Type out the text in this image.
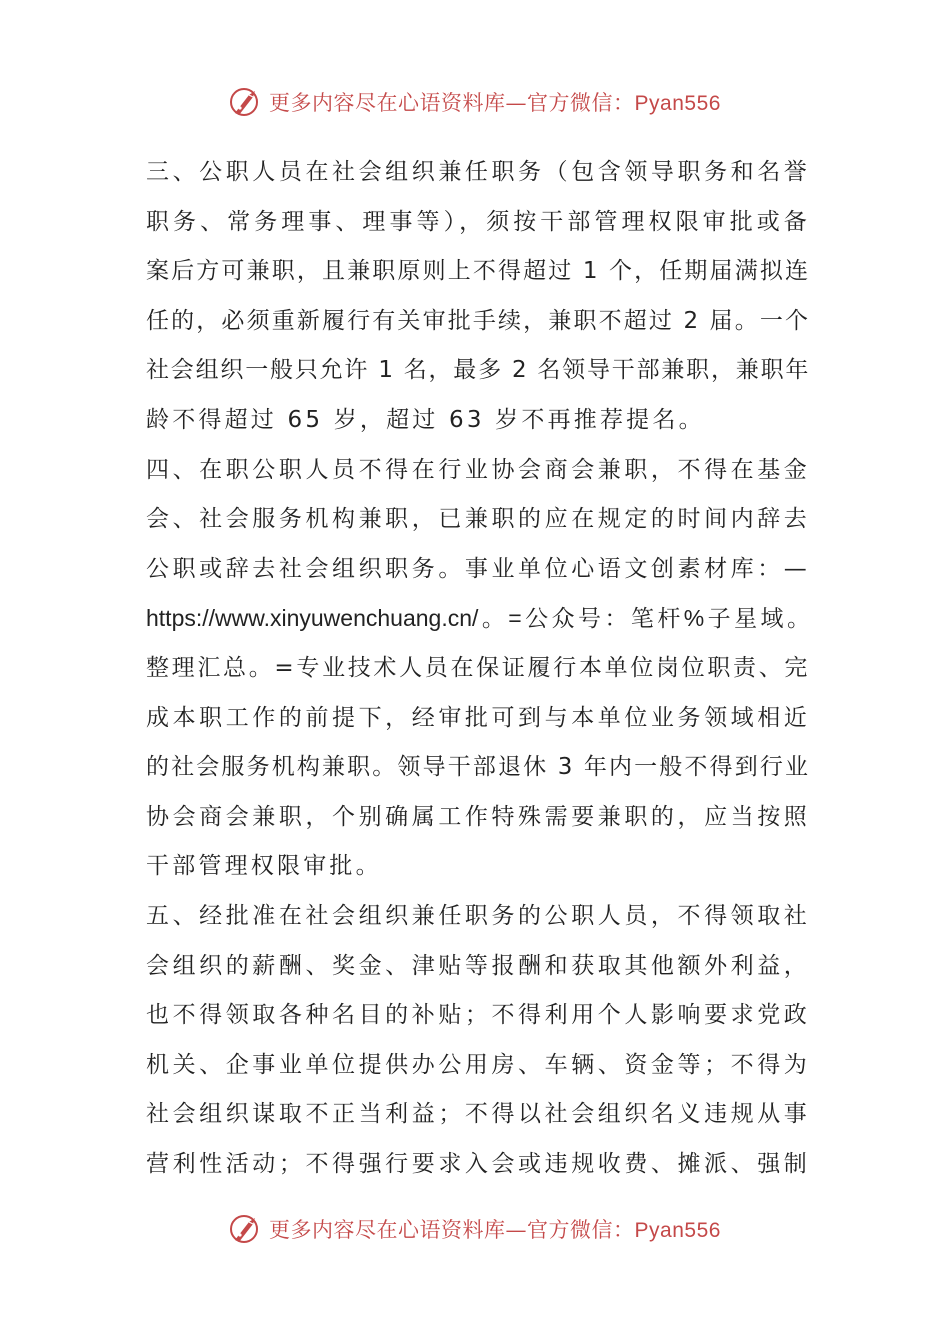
更多内容尽在心语资料库—官方微信：Pyan556
三、公职人员在社会组织兼任职务（包含领导职务和名誉
职务、常务理事、理事等），须按干部管理权限审批或备
案后方可兼职，且兼职原则上不得超过 1 个，任期届满拟连
任的，必须重新履行有关审批手续，兼职不超过 2 届。一个
社会组织一般只允许 1 名，最多 2 名领导干部兼职，兼职年
龄不得超过 65 岁，超过 63 岁不再推荐提名。
四、在职公职人员不得在行业协会商会兼职，不得在基金
会、社会服务机构兼职，已兼职的应在规定的时间内辞去
公职或辞去社会组织职务。事业单位心语文创素材库：—
https://www.xinyuwenchuang.cn/。=公众号：笔杆%子星域。
整理汇总。=专业技术人员在保证履行本单位岗位职责、完
成本职工作的前提下，经审批可到与本单位业务领域相近
的社会服务机构兼职。领导干部退休 3 年内一般不得到行业
协会商会兼职，个别确属工作特殊需要兼职的，应当按照
干部管理权限审批。
五、经批准在社会组织兼任职务的公职人员，不得领取社
会组织的薪酬、奖金、津贴等报酬和获取其他额外利益，
也不得领取各种名目的补贴；不得利用个人影响要求党政
机关、企事业单位提供办公用房、车辆、资金等；不得为
社会组织谋取不正当利益；不得以社会组织名义违规从事
营利性活动；不得强行要求入会或违规收费、摊派、强制
更多内容尽在心语资料库—官方微信：Pyan556
